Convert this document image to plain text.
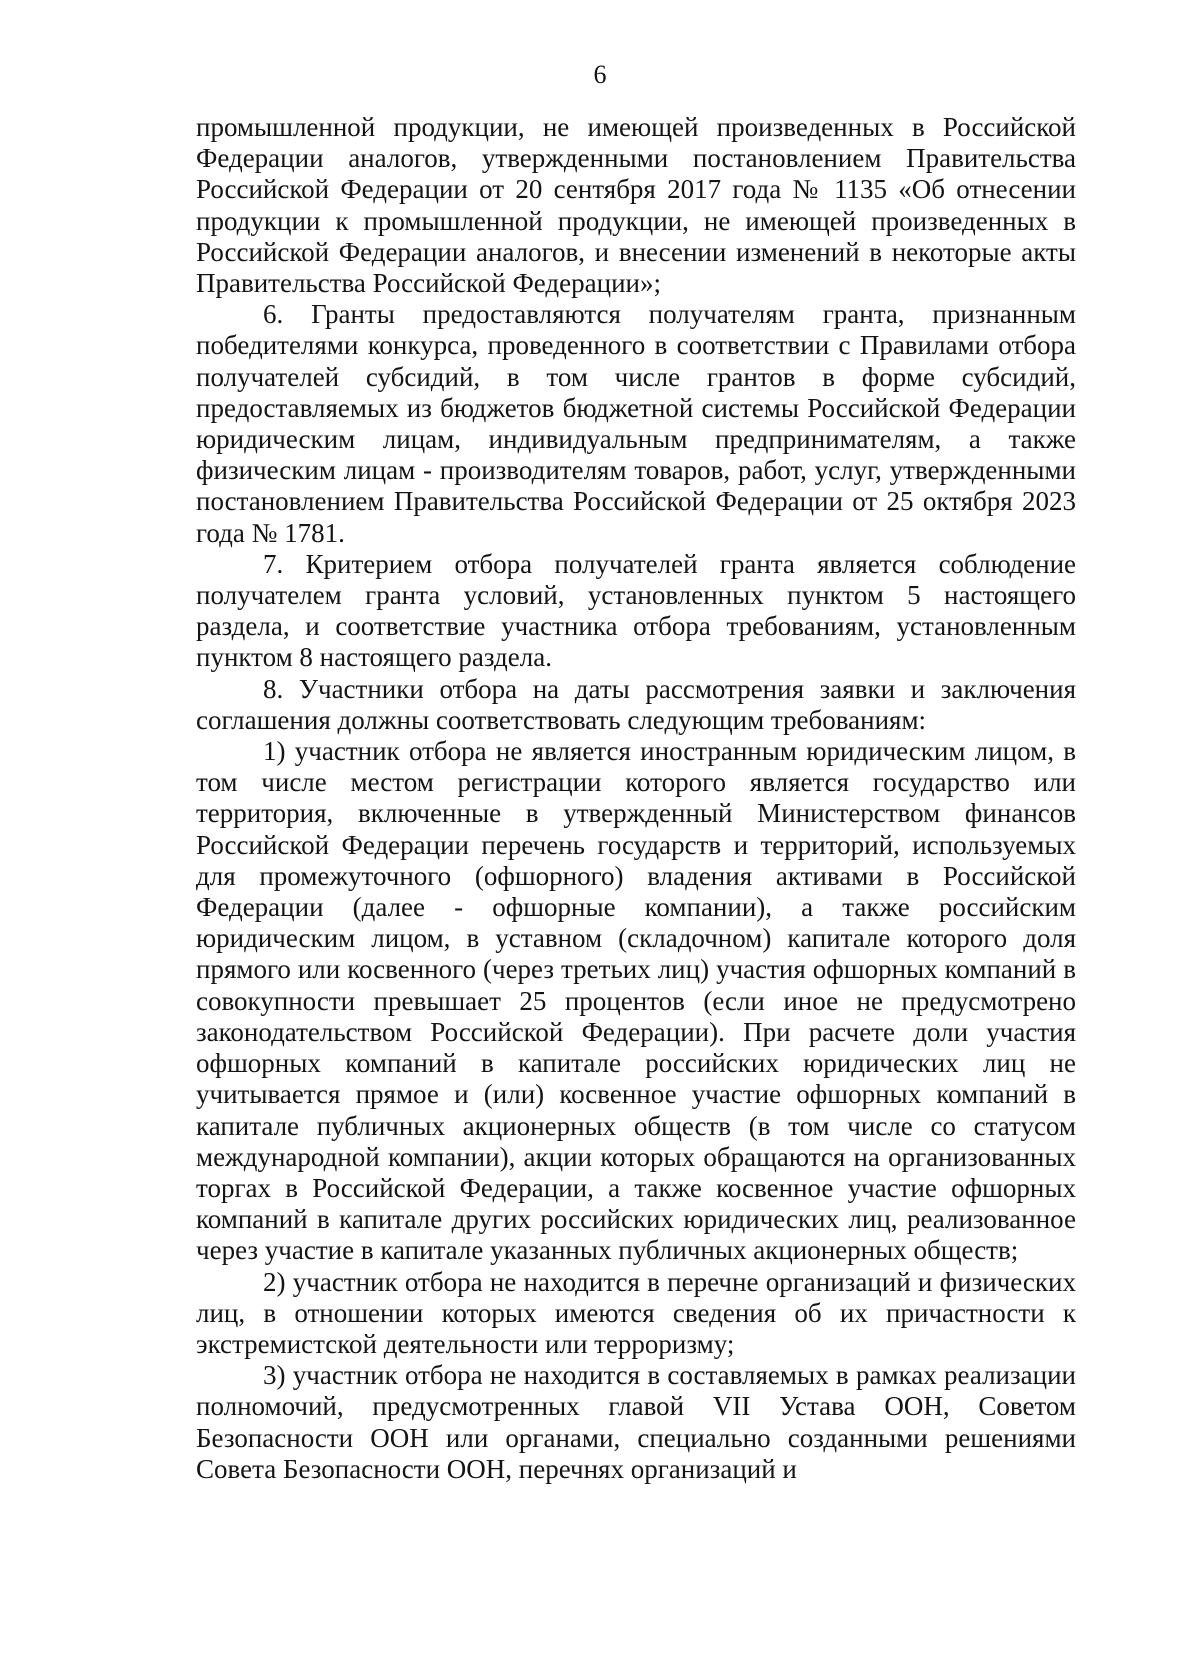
6

промышленной продукции, не имеющей произведенных в Российской Федерации аналогов, утвержденными постановлением Правительства Российской Федерации от 20 сентября 2017 года № 1135 «Об отнесении продукции к промышленной продукции, не имеющей произведенных в Российской Федерации аналогов, и внесении изменений в некоторые акты Правительства Российской Федерации»;

6. Гранты предоставляются получателям гранта, признанным победителями конкурса, проведенного в соответствии с Правилами отбора получателей субсидий, в том числе грантов в форме субсидий, предоставляемых из бюджетов бюджетной системы Российской Федерации юридическим лицам, индивидуальным предпринимателям, а также физическим лицам - производителям товаров, работ, услуг, утвержденными постановлением Правительства Российской Федерации от 25 октября 2023 года № 1781.

7. Критерием отбора получателей гранта является соблюдение получателем гранта условий, установленных пунктом 5 настоящего раздела, и соответствие участника отбора требованиям, установленным пунктом 8 настоящего раздела.

8. Участники отбора на даты рассмотрения заявки и заключения соглашения должны соответствовать следующим требованиям:

1) участник отбора не является иностранным юридическим лицом, в том числе местом регистрации которого является государство или территория, включенные в утвержденный Министерством финансов Российской Федерации перечень государств и территорий, используемых для промежуточного (офшорного) владения активами в Российской Федерации (далее - офшорные компании), а также российским юридическим лицом, в уставном (складочном) капитале которого доля прямого или косвенного (через третьих лиц) участия офшорных компаний в совокупности превышает 25 процентов (если иное не предусмотрено законодательством Российской Федерации). При расчете доли участия офшорных компаний в капитале российских юридических лиц не учитывается прямое и (или) косвенное участие офшорных компаний в капитале публичных акционерных обществ (в том числе со статусом международной компании), акции которых обращаются на организованных торгах в Российской Федерации, а также косвенное участие офшорных компаний в капитале других российских юридических лиц, реализованное через участие в капитале указанных публичных акционерных обществ;

2) участник отбора не находится в перечне организаций и физических лиц, в отношении которых имеются сведения об их причастности к экстремистской деятельности или терроризму;

3) участник отбора не находится в составляемых в рамках реализации полномочий, предусмотренных главой VII Устава ООН, Советом Безопасности ООН или органами, специально созданными решениями Совета Безопасности ООН, перечнях организаций и
